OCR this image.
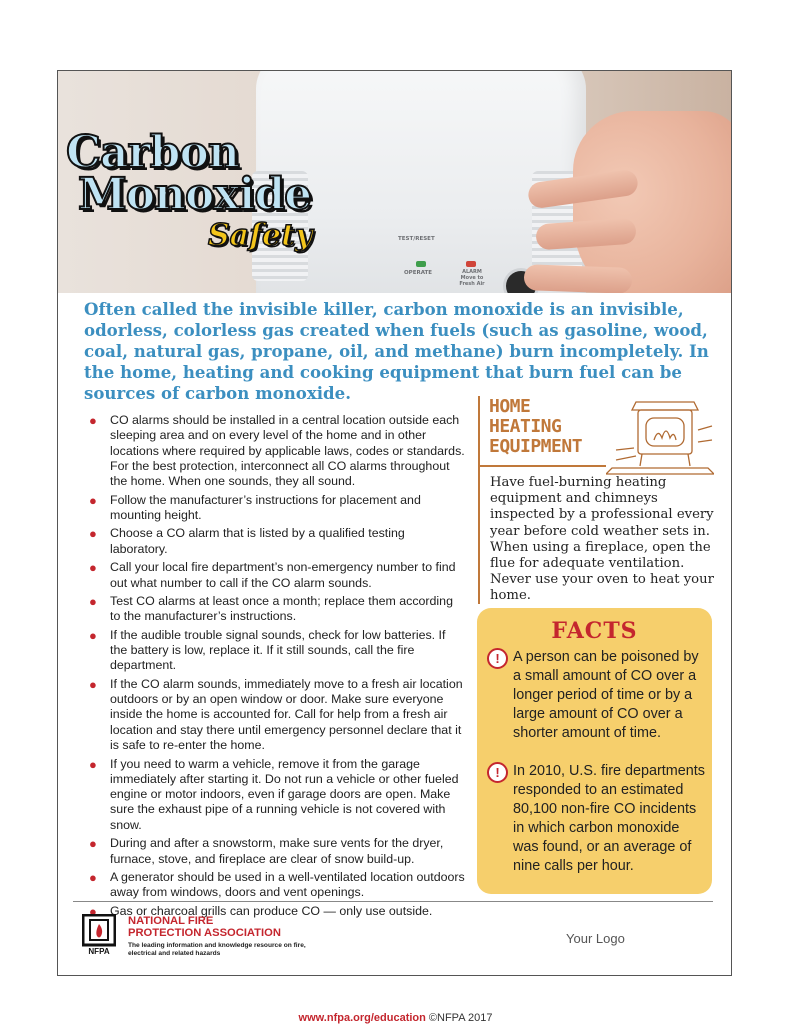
TEST/RESET
OPERATE	ALARM
Move to
Fresh Air
Carbon
Monoxide
Safety

Often called the invisible killer, carbon monoxide is an invisible, odorless, colorless gas created when fuels (such as gasoline, wood, coal, natural gas, propane, oil, and methane) burn incompletely. In the home, heating and cooking equipment that burn fuel can be sources of carbon monoxide.

● CO alarms should be installed in a central location outside each sleeping area and on every level of the home and in other locations where required by applicable laws, codes or standards. For the best protection, interconnect all CO alarms throughout the home. When one sounds, they all sound.
● Follow the manufacturer’s instructions for placement and mounting height.
● Choose a CO alarm that is listed by a qualified testing laboratory.
● Call your local fire department’s non-emergency number to find out what number to call if the CO alarm sounds.
● Test CO alarms at least once a month; replace them according to the manufacturer’s instructions.
● If the audible trouble signal sounds, check for low batteries. If the battery is low, replace it. If it still sounds, call the fire department.
● If the CO alarm sounds, immediately move to a fresh air location outdoors or by an open window or door. Make sure everyone inside the home is accounted for. Call for help from a fresh air location and stay there until emergency personnel declare that it is safe to re-enter the home.
● If you need to warm a vehicle, remove it from the garage immediately after starting it. Do not run a vehicle or other fueled engine or motor indoors, even if garage doors are open. Make sure the exhaust pipe of a running vehicle is not covered with snow.
● During and after a snowstorm, make sure vents for the dryer, furnace, stove, and fireplace are clear of snow build-up.
● A generator should be used in a well-ventilated location outdoors away from windows, doors and vent openings.
● Gas or charcoal grills can produce CO — only use outside.
HOME
HEATING
EQUIPMENT
Have fuel-burning heating equipment and chimneys inspected by a professional every year before cold weather sets in. When using a fireplace, open the flue for adequate ventilation. Never use your oven to heat your home.
FACTS
! A person can be poisoned by a small amount of CO over a longer period of time or by a large amount of CO over a shorter amount of time.
! In 2010, U.S. fire departments responded to an estimated 80,100 non-fire CO incidents in which carbon monoxide was found, or an average of nine calls per hour.
NFPA
NATIONAL FIRE
PROTECTION ASSOCIATION
The leading information and knowledge resource on fire, electrical and related hazards
Your Logo
www.nfpa.org/education ©NFPA 2017
